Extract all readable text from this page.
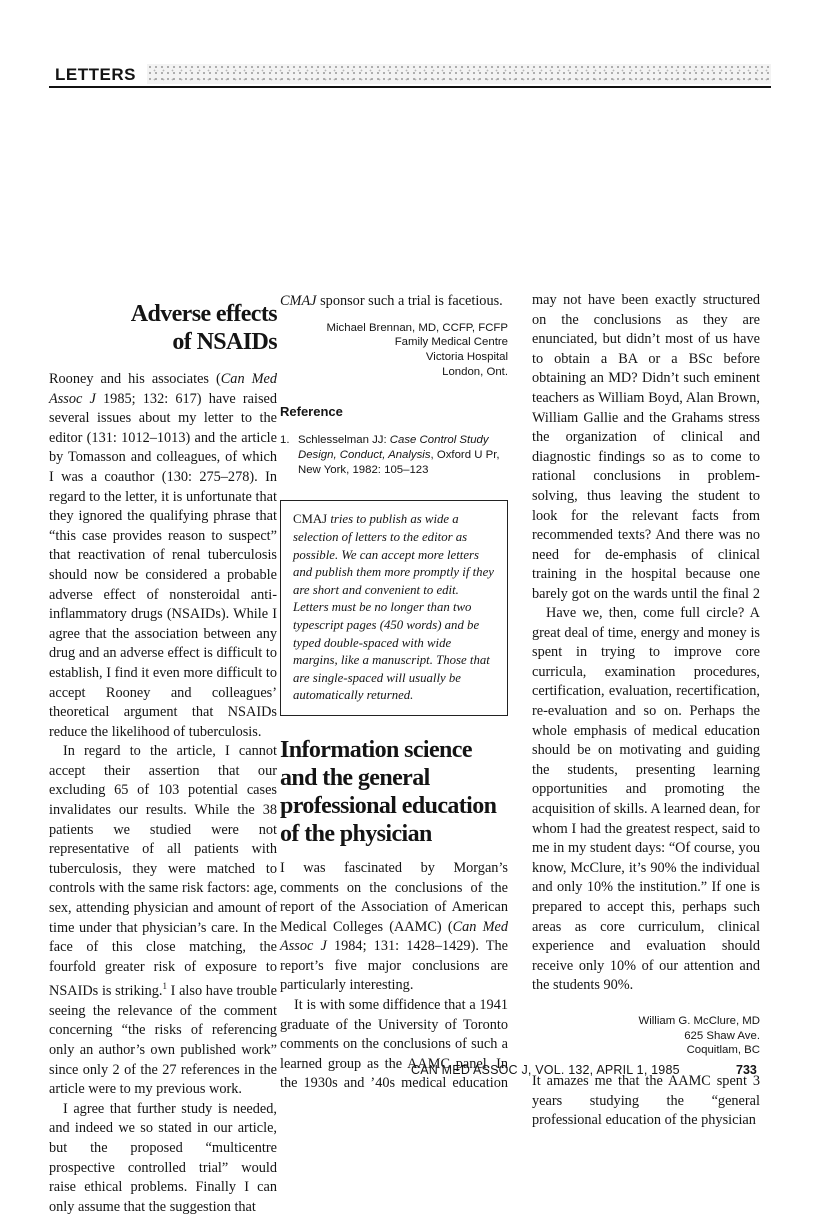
LETTERS
Adverse effects
of NSAIDs

Rooney and his associates (Can Med Assoc J 1985; 132: 617) have raised several issues about my letter to the editor (131: 1012–1013) and the article by Tomasson and colleagues, of which I was a coauthor (130: 275–278). In regard to the letter, it is unfortunate that they ignored the qualifying phrase that “this case provides reason to suspect” that reactivation of renal tuberculosis should now be considered a probable adverse effect of nonsteroidal anti-inflammatory drugs (NSAIDs). While I agree that the association between any drug and an adverse effect is difficult to establish, I find it even more difficult to accept Rooney and colleagues’ theoretical argument that NSAIDs reduce the likelihood of tuberculosis.

In regard to the article, I cannot accept their assertion that our excluding 65 of 103 potential cases invalidates our results. While the 38 patients we studied were not representative of all patients with tuberculosis, they were matched to controls with the same risk factors: age, sex, attending physician and amount of time under that physician’s care. In the face of this close matching, the fourfold greater risk of exposure to NSAIDs is striking.$^1$ I also have trouble seeing the relevance of the comment concerning “the risks of referencing only an author’s own published work” since only 2 of the 27 references in the article were to my previous work.

I agree that further study is needed, and indeed we so stated in our article, but the proposed “multicentre prospective controlled trial” would raise ethical problems. Finally I can only assume that the suggestion that

CMAJ sponsor such a trial is facetious.

Michael Brennan, MD, CCFP, FCFP
Family Medical Centre
Victoria Hospital
London, Ont.
Reference
1. Schlesselman JJ: Case Control Study Design, Conduct, Analysis, Oxford U Pr, New York, 1982: 105–123
CMAJ tries to publish as wide a selection of letters to the editor as possible. We can accept more letters and publish them more promptly if they are short and convenient to edit. Letters must be no longer than two typescript pages (450 words) and be typed double-spaced with wide margins, like a manuscript. Those that are single-spaced will usually be automatically returned.
Information science
and the general
professional education
of the physician

I was fascinated by Morgan’s comments on the conclusions of the report of the Association of American Medical Colleges (AAMC) (Can Med Assoc J 1984; 131: 1428–1429). The report’s five major conclusions are particularly interesting.

It is with some diffidence that a 1941 graduate of the University of Toronto comments on the conclusions of such a learned group as the AAMC panel. In the 1930s and ’40s medical education

may not have been exactly structured on the conclusions as they are enunciated, but didn’t most of us have to obtain a BA or a BSc before obtaining an MD? Didn’t such eminent teachers as William Boyd, Alan Brown, William Gallie and the Grahams stress the organization of clinical and diagnostic findings so as to come to rational conclusions in problem-solving, thus leaving the student to look for the relevant facts from recommended texts? And there was no need for de-emphasis of clinical training in the hospital because one barely got on the wards until the final 2

Have we, then, come full circle? A great deal of time, energy and money is spent in trying to improve core curricula, examination procedures, certification, evaluation, recertification, re-evaluation and so on. Perhaps the whole emphasis of medical education should be on motivating and guiding the students, presenting learning opportunities and promoting the acquisition of skills. A learned dean, for whom I had the greatest respect, said to me in my student days: “Of course, you know, McClure, it’s 90% the individual and only 10% the institution.” If one is prepared to accept this, perhaps such areas as core curriculum, clinical experience and evaluation should receive only 10% of our attention and the students 90%.

William G. McClure, MD
625 Shaw Ave.
Coquitlam, BC

It amazes me that the AAMC spent 3 years studying the “general professional education of the physician

CAN MED ASSOC J, VOL. 132, APRIL 1, 1985	733
